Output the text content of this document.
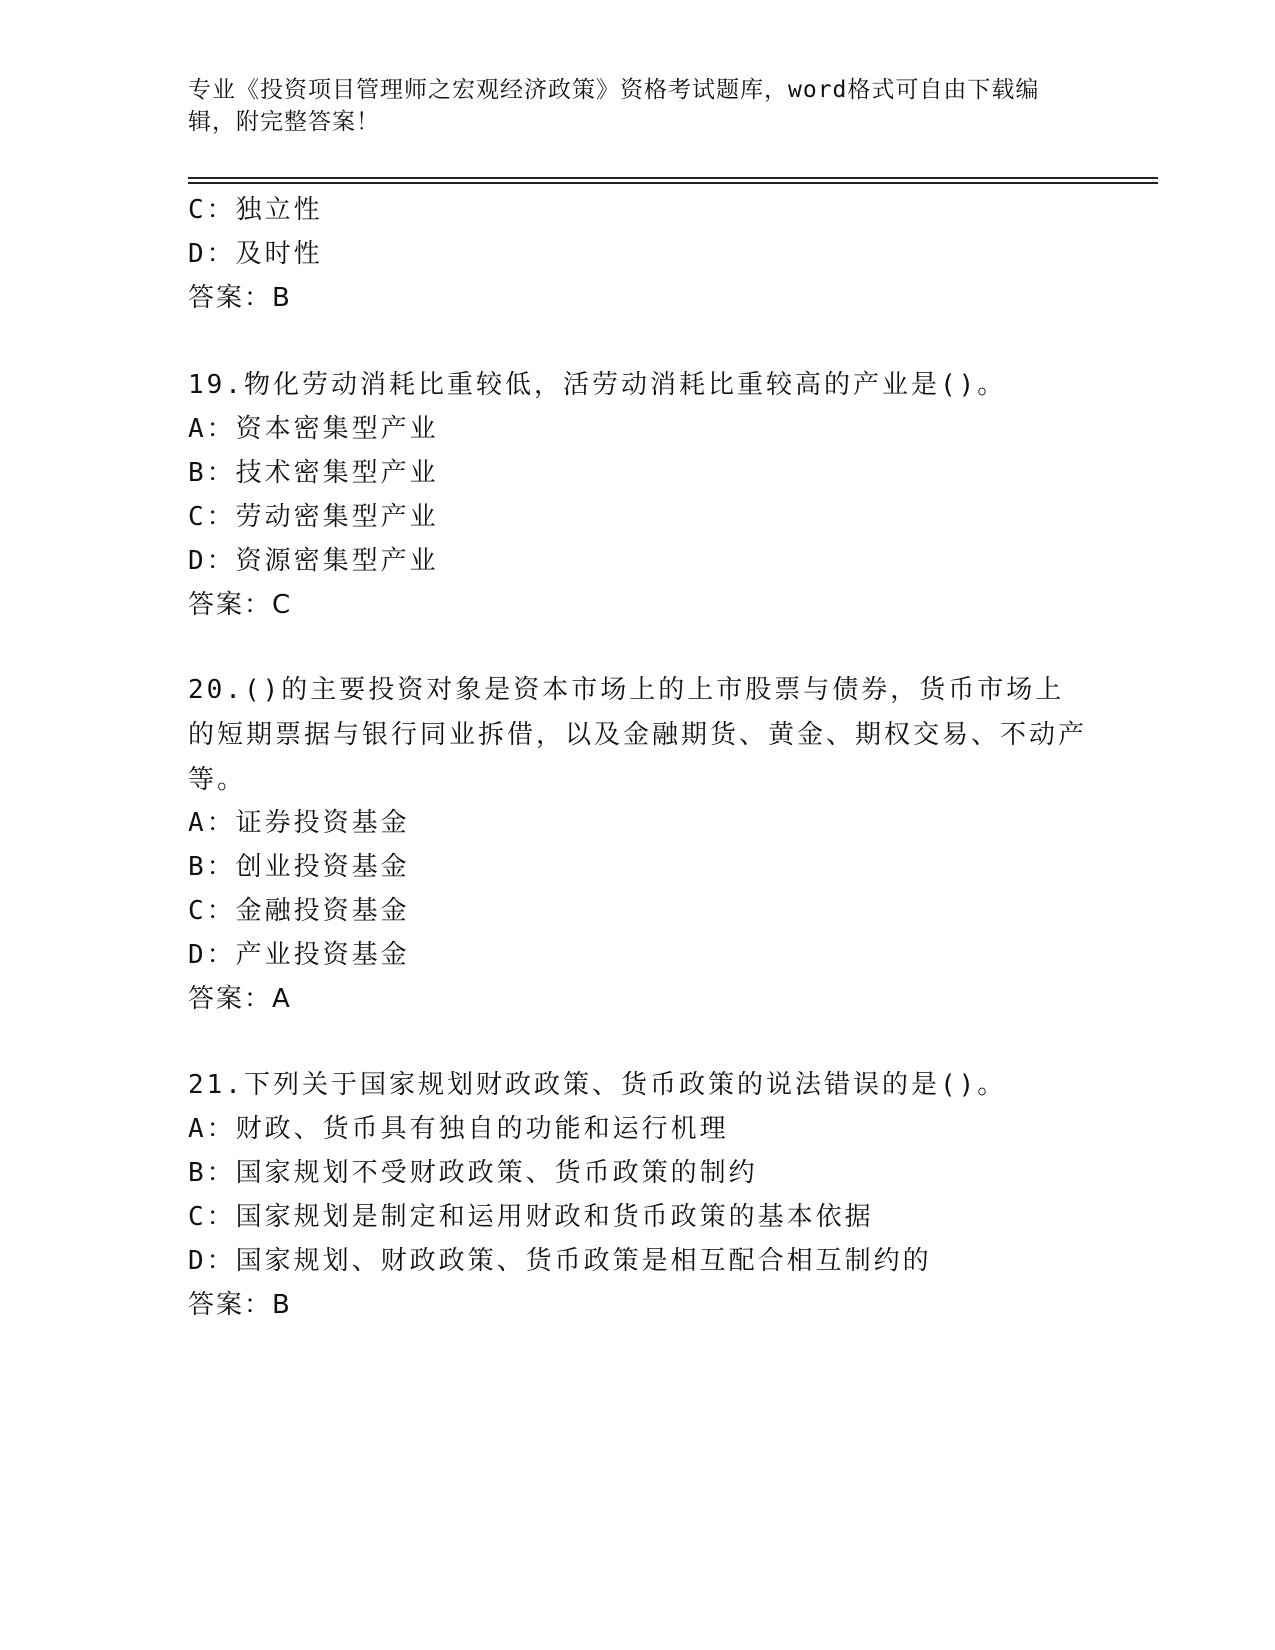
专业《投资项目管理师之宏观经济政策》资格考试题库，word格式可自由下载编辑，附完整答案！
C：独立性
D：及时性
答案：B
19.物化劳动消耗比重较低，活劳动消耗比重较高的产业是()。
A：资本密集型产业
B：技术密集型产业
C：劳动密集型产业
D：资源密集型产业
答案：C
20.()的主要投资对象是资本市场上的上市股票与债券，货币市场上的短期票据与银行同业拆借，以及金融期货、黄金、期权交易、不动产等。
A：证券投资基金
B：创业投资基金
C：金融投资基金
D：产业投资基金
答案：A
21.下列关于国家规划财政政策、货币政策的说法错误的是()。
A：财政、货币具有独自的功能和运行机理
B：国家规划不受财政政策、货币政策的制约
C：国家规划是制定和运用财政和货币政策的基本依据
D：国家规划、财政政策、货币政策是相互配合相互制约的
答案：B
